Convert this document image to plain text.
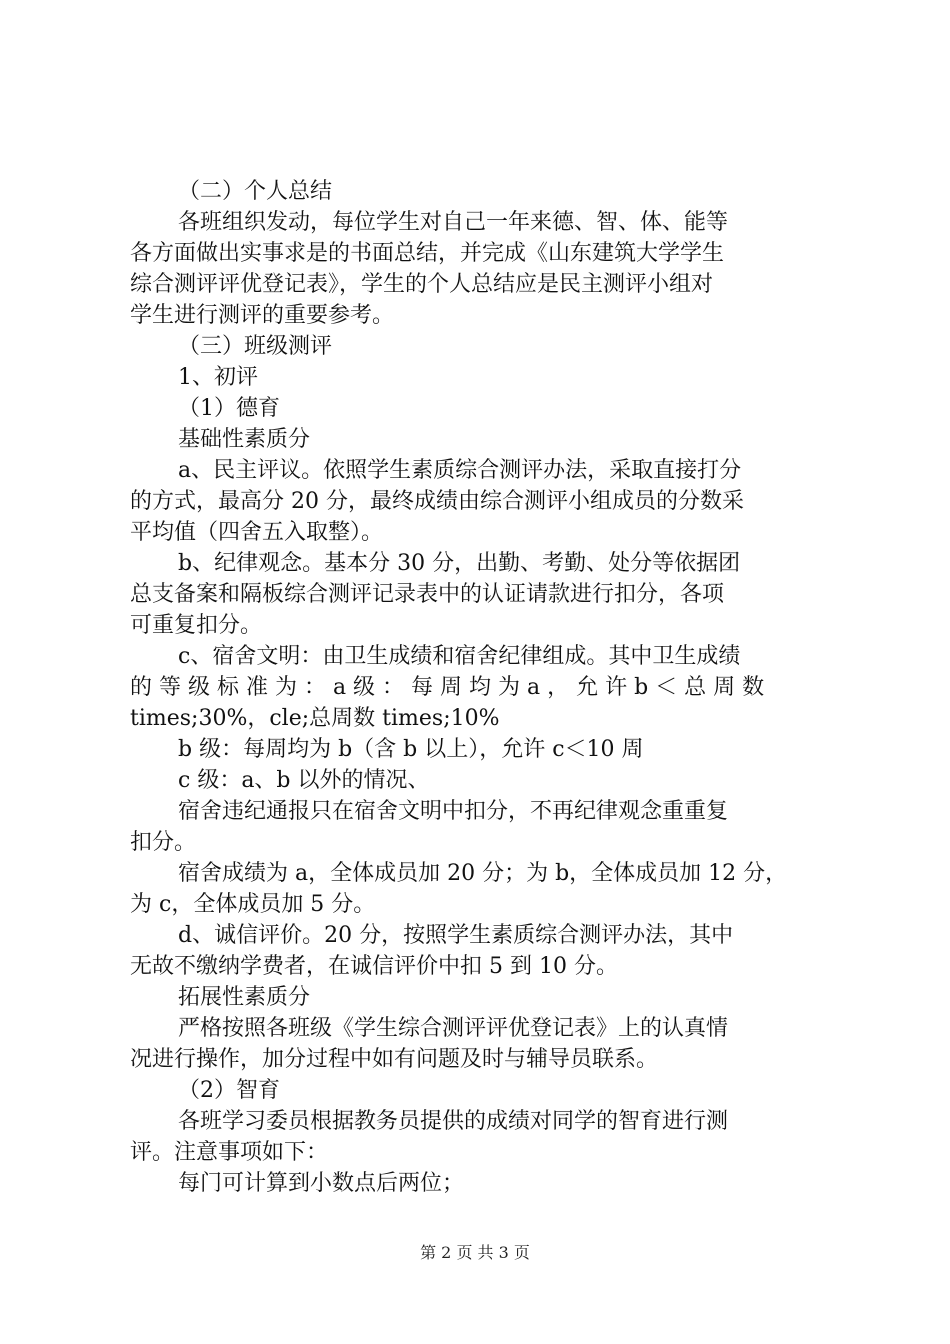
（二）个人总结
各班组织发动，每位学生对自己一年来德、智、体、能等
各方面做出实事求是的书面总结，并完成《山东建筑大学学生
综合测评评优登记表》，学生的个人总结应是民主测评小组对
学生进行测评的重要参考。
（三）班级测评
1、初评
（1）德育
基础性素质分
a、民主评议。依照学生素质综合测评办法，采取直接打分
的方式，最高分 20 分，最终成绩由综合测评小组成员的分数采
平均值（四舍五入取整）。
b、纪律观念。基本分 30 分，出勤、考勤、处分等依据团
总支备案和隔板综合测评记录表中的认证请款进行扣分，各项
可重复扣分。
c、宿舍文明：由卫生成绩和宿舍纪律组成。其中卫生成绩
的 等 级 标 准 为 ： a 级 ： 每 周 均 为 a ， 允 许 b ＜ 总 周 数
times;30%，cle;总周数 times;10%
b 级：每周均为 b（含 b 以上），允许 c＜10 周
c 级：a、b 以外的情况、
宿舍违纪通报只在宿舍文明中扣分，不再纪律观念重重复
扣分。
宿舍成绩为 a，全体成员加 20 分；为 b，全体成员加 12 分，
为 c，全体成员加 5 分。
d、诚信评价。20 分，按照学生素质综合测评办法，其中
无故不缴纳学费者，在诚信评价中扣 5 到 10 分。
拓展性素质分
严格按照各班级《学生综合测评评优登记表》上的认真情
况进行操作，加分过程中如有问题及时与辅导员联系。
（2）智育
各班学习委员根据教务员提供的成绩对同学的智育进行测
评。注意事项如下：
每门可计算到小数点后两位；
第 2 页 共 3 页
